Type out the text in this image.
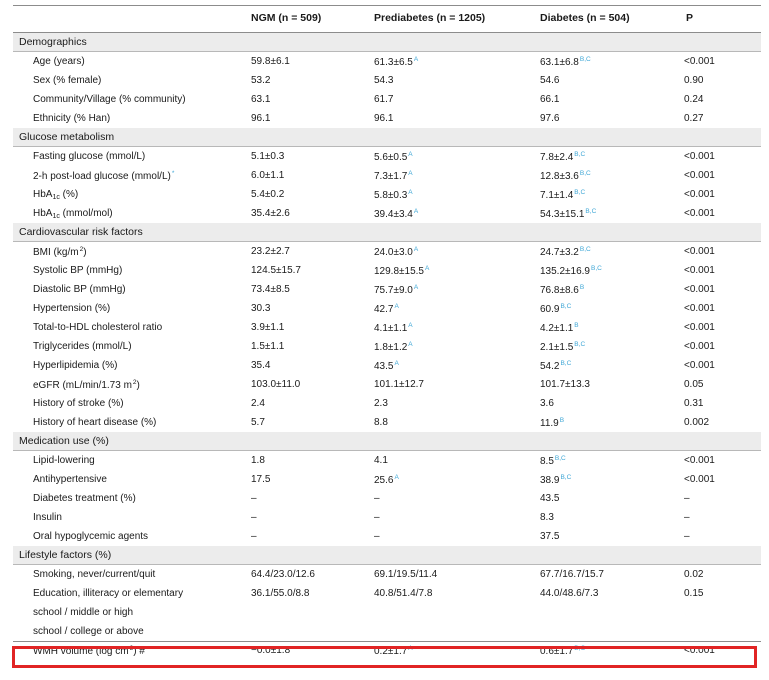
NGM (n = 509)	Prediabetes (n = 1205)	Diabetes (n = 504)	P
Demographics
Age (years)	59.8±6.1	$61.3\pm 6.5^A$	$63.1\pm 6.8^{B,C}$	<0.001
Sex (% female)	53.2	54.3	54.6	0.90
Community/Village (% community)	63.1	61.7	66.1	0.24
Ethnicity (% Han)	96.1	96.1	97.6	0.27
Glucose metabolism
Fasting glucose (mmol/L)	5.1±0.3	$5.6\pm 0.5^A$	$7.8\pm 2.4^{B,C}$	<0.001
2-h post-load glucose (mmol/L)*	6.0±1.1	$7.3\pm 1.7^A$	$12.8\pm 3.6^{B,C}$	<0.001
HbA$_{1c}$ (%)	5.4±0.2	$5.8\pm 0.3^A$	$7.1\pm 1.4^{B,C}$	<0.001
HbA$_{1c}$ (mmol/mol)	35.4±2.6	$39.4\pm 3.4^A$	$54.3\pm 15.1^{B,C}$	<0.001
Cardiovascular risk factors
BMI $(kg/m^2)$	23.2±2.7	$24.0\pm 3.0^A$	$24.7\pm 3.2^{B,C}$	<0.001
Systolic BP (mmHg)	124.5±15.7	$129.8\pm 15.5^A$	$135.2\pm 16.9^{B,C}$	<0.001
Diastolic BP (mmHg)	73.4±8.5	$75.7\pm 9.0^A$	$76.8\pm 8.6^B$	<0.001
Hypertension (%)	30.3	$42.7^A$	$60.9^{B,C}$	<0.001
Total-to-HDL cholesterol ratio	3.9±1.1	$4.1\pm 1.1^A$	$4.2\pm 1.1^B$	<0.001
Triglycerides (mmol/L)	1.5±1.1	$1.8\pm 1.2^A$	$2.1\pm 1.5^{B,C}$	<0.001
Hyperlipidemia (%)	35.4	$43.5^A$	$54.2^{B,C}$	<0.001
eGFR (mL/min/1.73 $m^2$)	103.0±11.0	101.1±12.7	101.7±13.3	0.05
History of stroke (%)	2.4	2.3	3.6	0.31
History of heart disease (%)	5.7	8.8	$11.9^B$	0.002
Medication use (%)
Lipid-lowering	1.8	4.1	$8.5^{B,C}$	<0.001
Antihypertensive	17.5	$25.6^A$	$38.9^{B,C}$	<0.001
Diabetes treatment (%)	–	–	43.5	–
Insulin	–	–	8.3	–
Oral hypoglycemic agents	–	–	37.5	–
Lifestyle factors (%)
Smoking, never/current/quit	64.4/23.0/12.6	69.1/19.5/11.4	67.7/16.7/15.7	0.02
Education, illiteracy or elementary	36.1/55.0/8.8	40.8/51.4/7.8	44.0/48.6/7.3	0.15
school / middle or high
school / college or above
WMH volume (log $cm^3$) #	−0.0±1.8	$0.2\pm 1.7^A$	$0.6\pm 1.7^{B,C}$	<0.001
